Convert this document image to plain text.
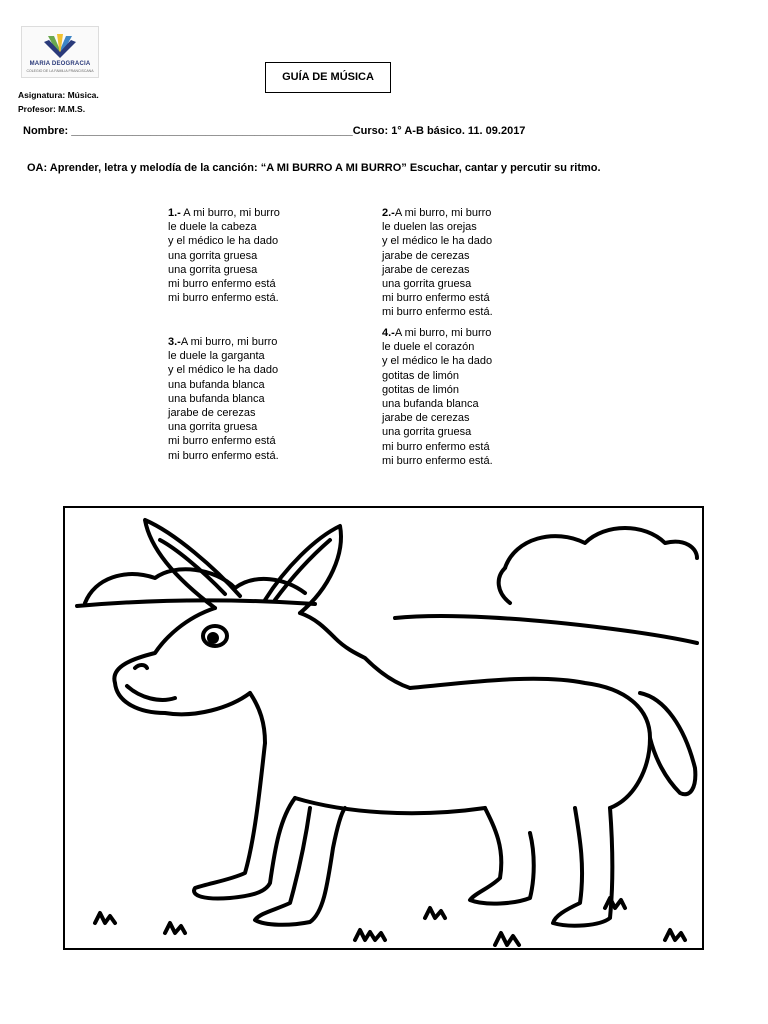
MARIA DEOGRACIA
COLEGIO DE LA FAMILIA FRANCISCANA	GUÍA DE MÚSICA
Asignatura: Música.
Profesor: M.M.S.
Nombre: ______________________________________________Curso: 1° A-B básico. 11. 09.2017
OA: Aprender, letra y melodía de la canción: “A MI BURRO A MI BURRO” Escuchar, cantar y percutir su ritmo.
1.- A mi burro, mi burro
le duele la cabeza
y el médico le ha dado
una gorrita gruesa
una gorrita gruesa
mi burro enfermo está
mi burro enfermo está.
2.-A mi burro, mi burro
le duelen las orejas
y el médico le ha dado
jarabe de cerezas
jarabe de cerezas
una gorrita gruesa
mi burro enfermo está
mi burro enfermo está.
3.-A mi burro, mi burro
le duele la garganta
y el médico le ha dado
una bufanda blanca
una bufanda blanca
jarabe de cerezas
una gorrita gruesa
mi burro enfermo está
mi burro enfermo está.
4.-A mi burro, mi burro
le duele el corazón
y el médico le ha dado
gotitas de limón
gotitas de limón
una bufanda blanca
jarabe de cerezas
una gorrita gruesa
mi burro enfermo está
mi burro enfermo está.
